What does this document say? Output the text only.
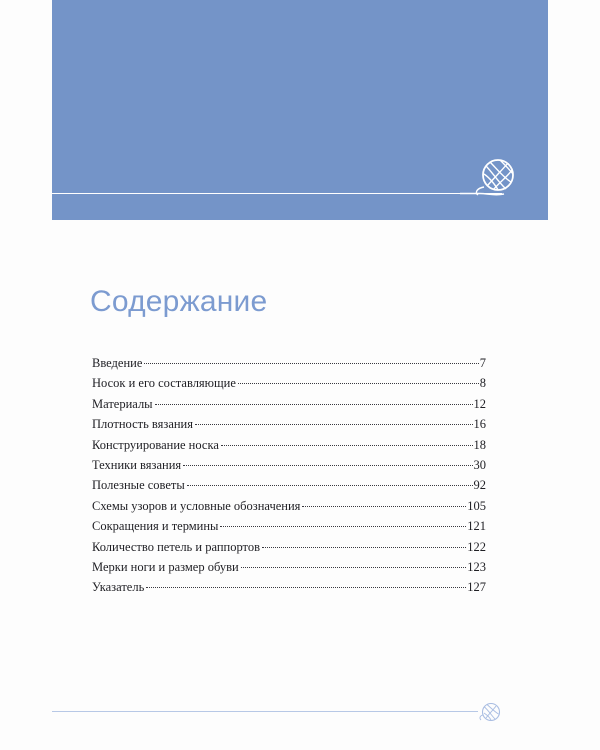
Содержание
Введение	7
Носок и его составляющие	8
Материалы	12
Плотность вязания	16
Конструирование носка	18
Техники вязания	30
Полезные советы	92
Схемы узоров и условные обозначения	105
Сокращения и термины	121
Количество петель и раппортов	122
Мерки ноги и размер обуви	123
Указатель	127
